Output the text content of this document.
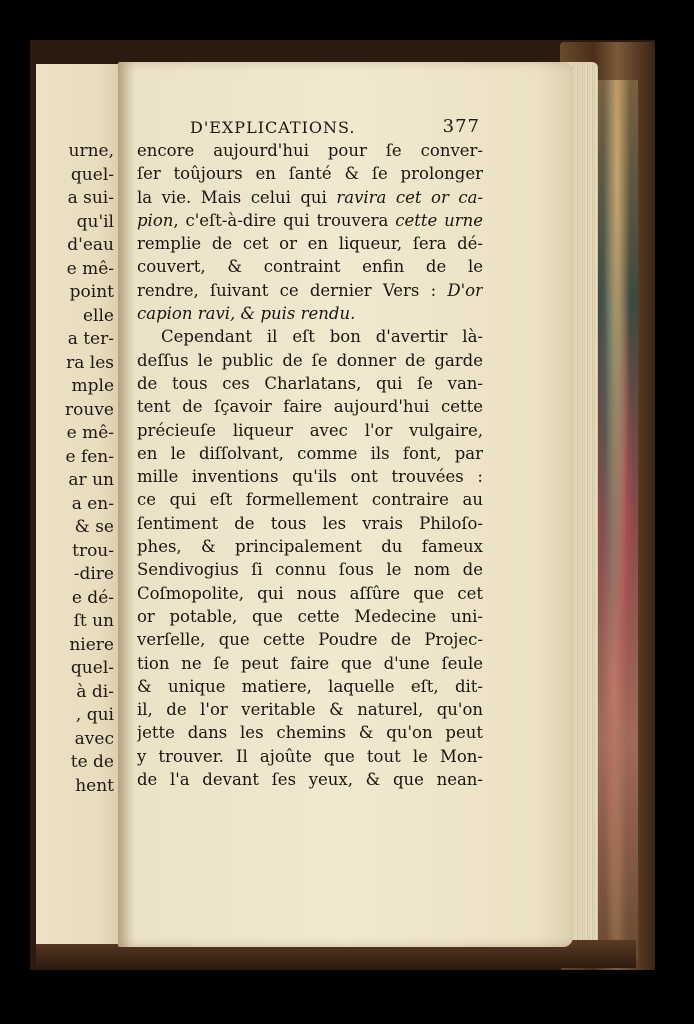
urne,
quel-
a sui-
qu'il
d'eau
e mê-
point
elle
a ter-
ra les
mple
rouve
e mê-
e fen-
ar un
a en-
& se
trou-
-dire
e dé-
ſt un
niere
quel-
à di-
, qui
avec
te de
hent
D'EXPLICATIONS.	377
encore aujourd'hui pour ſe conver-
ſer toûjours en ſanté & ſe prolonger
la vie. Mais celui qui ravira cet or ca-
pion, c'eſt-à-dire qui trouvera cette urne
remplie de cet or en liqueur, ſera dé-
couvert, & contraint enfin de le
rendre, ſuivant ce dernier Vers : D'or
capion ravi, & puis rendu.
Cependant il eſt bon d'avertir là-
deſſus le public de ſe donner de garde
de tous ces Charlatans, qui ſe van-
tent de ſçavoir faire aujourd'hui cette
précieuſe liqueur avec l'or vulgaire,
en le diſſolvant, comme ils font, par
mille inventions qu'ils ont trouvées :
ce qui eſt formellement contraire au
ſentiment de tous les vrais Philoſo-
phes, & principalement du fameux
Sendivogius ſi connu ſous le nom de
Coſmopolite, qui nous aſſûre que cet
or potable, que cette Medecine uni-
verſelle, que cette Poudre de Projec-
tion ne ſe peut faire que d'une ſeule
& unique matiere, laquelle eſt, dit-
il, de l'or veritable & naturel, qu'on
jette dans les chemins & qu'on peut
y trouver. Il ajoûte que tout le Mon-
de l'a devant ſes yeux, & que nean-
